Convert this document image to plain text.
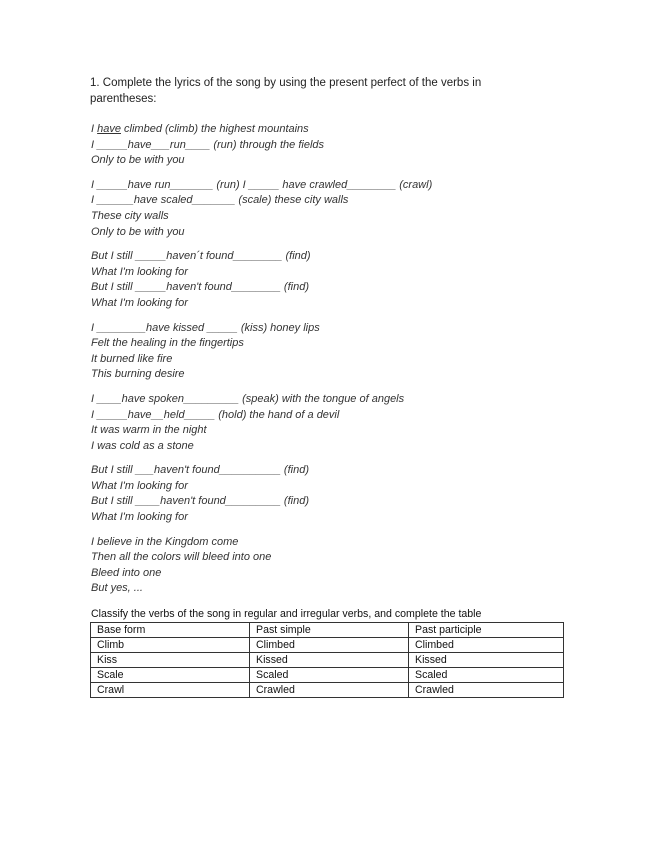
1. Complete the lyrics of the song by using the present perfect of the verbs in parentheses:
I have climbed (climb) the highest mountains
I _____have___run____ (run) through the fields
Only to be with you
I _____have run_______ (run) I _____ have crawled________ (crawl)
I ______have scaled_______ (scale) these city walls
These city walls
Only to be with you
But I still _____haven´t found________ (find)
What I'm looking for
But I still _____haven't found________ (find)
What I'm looking for
I ________have kissed _____ (kiss) honey lips
Felt the healing in the fingertips
It burned like fire
This burning desire
I ____have spoken_________ (speak) with the tongue of angels
I _____have__held_____ (hold) the hand of a devil
It was warm in the night
I was cold as a stone
But I still ___haven't found__________ (find)
What I'm looking for
But I still ____haven't found_________ (find)
What I'm looking for
I believe in the Kingdom come
Then all the colors will bleed into one
Bleed into one
But yes, ...
Classify the verbs of the song in regular and irregular verbs, and complete the table
Base form	Past simple	Past participle
Climb	Climbed	Climbed
Kiss	Kissed	Kissed
Scale	Scaled	Scaled
Crawl	Crawled	Crawled
